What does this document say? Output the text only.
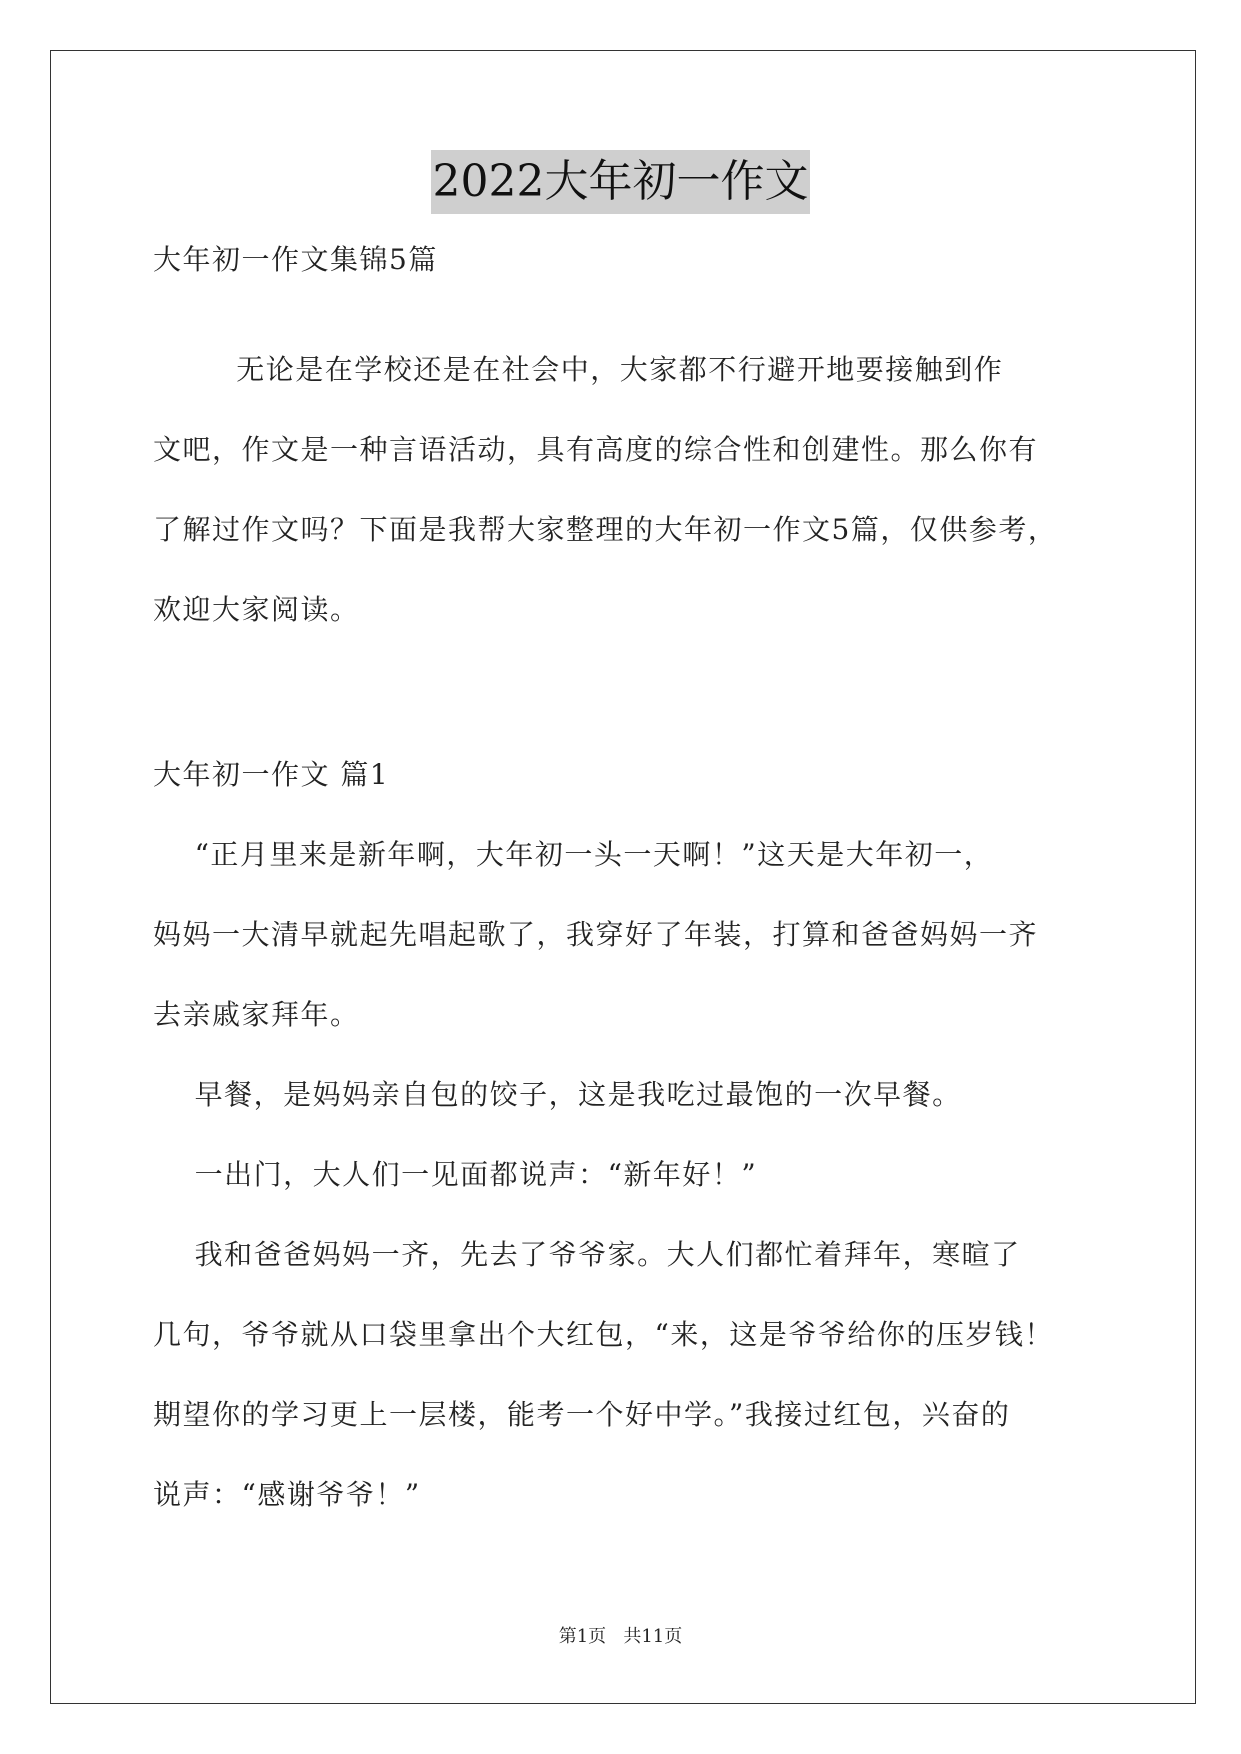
2022大年初一作文
大年初一作文集锦5篇
无论是在学校还是在社会中，大家都不行避开地要接触到作
文吧，作文是一种言语活动，具有高度的综合性和创建性。那么你有
了解过作文吗？下面是我帮大家整理的大年初一作文5篇，仅供参考，
欢迎大家阅读。
大年初一作文 篇1
“正月里来是新年啊，大年初一头一天啊！”这天是大年初一，
妈妈一大清早就起先唱起歌了，我穿好了年装，打算和爸爸妈妈一齐
去亲戚家拜年。
早餐，是妈妈亲自包的饺子，这是我吃过最饱的一次早餐。
一出门，大人们一见面都说声：“新年好！”
我和爸爸妈妈一齐，先去了爷爷家。大人们都忙着拜年，寒暄了
几句，爷爷就从口袋里拿出个大红包，“来，这是爷爷给你的压岁钱！
期望你的学习更上一层楼，能考一个好中学。”我接过红包，兴奋的
说声：“感谢爷爷！”
第1页   共11页
